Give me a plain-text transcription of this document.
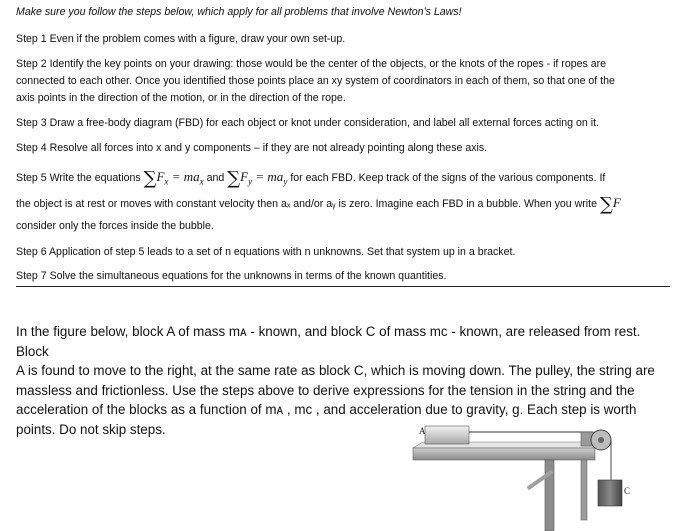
Make sure you follow the steps below, which apply for all problems that involve Newton’s Laws!

Step 1 Even if the problem comes with a figure, draw your own set-up.

Step 2 Identify the key points on your drawing: those would be the center of the objects, or the knots of the ropes - if ropes are

connected to each other. Once you identified those points place an xy system of coordinators in each of them, so that one of the

axis points in the direction of the motion, or in the direction of the rope.

Step 3 Draw a free-body diagram (FBD) for each object or knot under consideration, and label all external forces acting on it.

Step 4 Resolve all forces into x and y components – if they are not already pointing along these axis.

Step 5 Write the equations $\sum F_x = ma_x$ and $\sum F_y = ma_y$ for each FBD. Keep track of the signs of the various components. If

the object is at rest or moves with constant velocity then aₓ and/or aᵧ is zero. Imagine each FBD in a bubble. When you write ∑F

consider only the forces inside the bubble.

Step 6 Application of step 5 leads to a set of n equations with n unknowns. Set that system up in a bracket.

Step 7 Solve the simultaneous equations for the unknowns in terms of the known quantities.

In the figure below, block A of mass mᴀ - known, and block C of mass mᴄ - known, are released from rest. Block
A is found to move to the right, at the same rate as block C, which is moving down. The pulley, the string are
massless and frictionless. Use the steps above to derive expressions for the tension in the string and the
acceleration of the blocks as a function of mᴀ , mᴄ , and acceleration due to gravity, g. Each step is worth
points. Do not skip steps.	A
C
